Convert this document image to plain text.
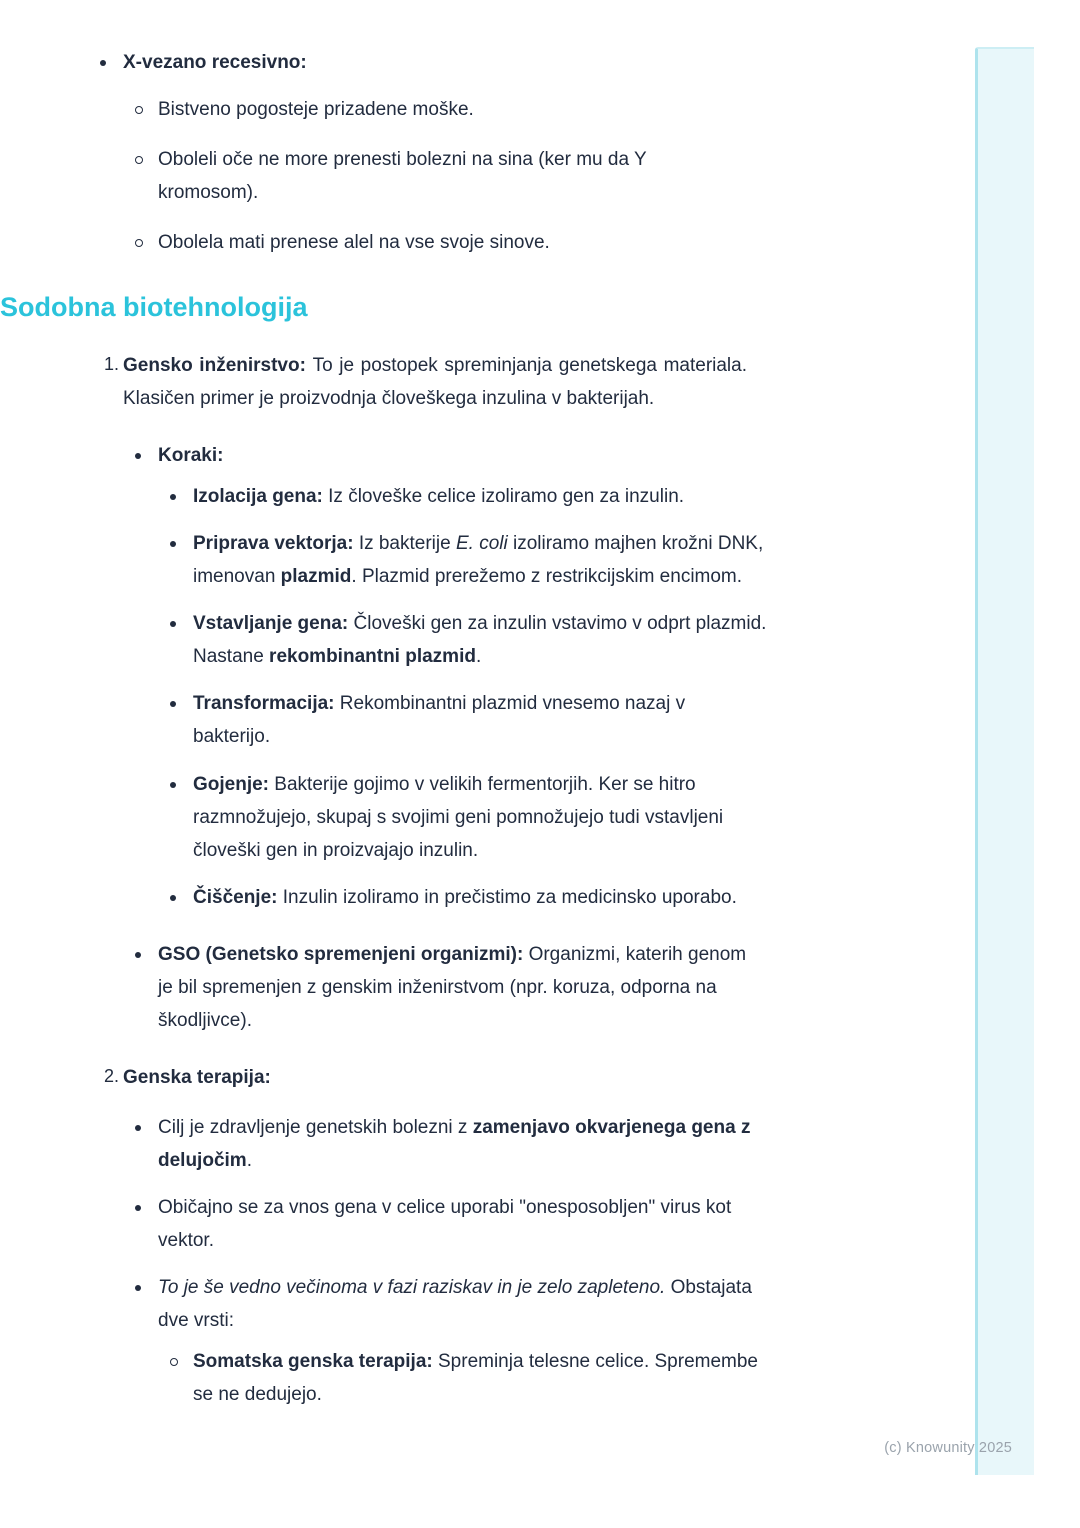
X-vezano recesivno:
Bistveno pogosteje prizadene moške.
Oboleli oče ne more prenesti bolezni na sina (ker mu da Y kromosom).
Obolela mati prenese alel na vse svoje sinove.
Sodobna biotehnologija
1. Gensko inženirstvo: To je postopek spreminjanja genetskega materiala. Klasičen primer je proizvodnja človeškega inzulina v bakterijah.
Koraki:
Izolacija gena: Iz človeške celice izoliramo gen za inzulin.
Priprava vektorja: Iz bakterije E. coli izoliramo majhen krožni DNK, imenovan plazmid. Plazmid prerežemo z restrikcijskim encimom.
Vstavljanje gena: Človeški gen za inzulin vstavimo v odprt plazmid. Nastane rekombinantni plazmid.
Transformacija: Rekombinantni plazmid vnesemo nazaj v bakterijo.
Gojenje: Bakterije gojimo v velikih fermentorjih. Ker se hitro razmnožujejo, skupaj s svojimi geni pomnožujejo tudi vstavljeni človeški gen in proizvajajo inzulin.
Čiščenje: Inzulin izoliramo in prečistimo za medicinsko uporabo.
GSO (Genetsko spremenjeni organizmi): Organizmi, katerih genom je bil spremenjen z genskim inženirstvom (npr. koruza, odporna na škodljivce).
2. Genska terapija:
Cilj je zdravljenje genetskih bolezni z zamenjavo okvarjenega gena z delujočim.
Običajno se za vnos gena v celice uporabi "onesposobljen" virus kot vektor.
To je še vedno večinoma v fazi raziskav in je zelo zapleteno. Obstajata dve vrsti:
Somatska genska terapija: Spreminja telesne celice. Spremembe se ne dedujejo.
(c) Knowunity 2025
